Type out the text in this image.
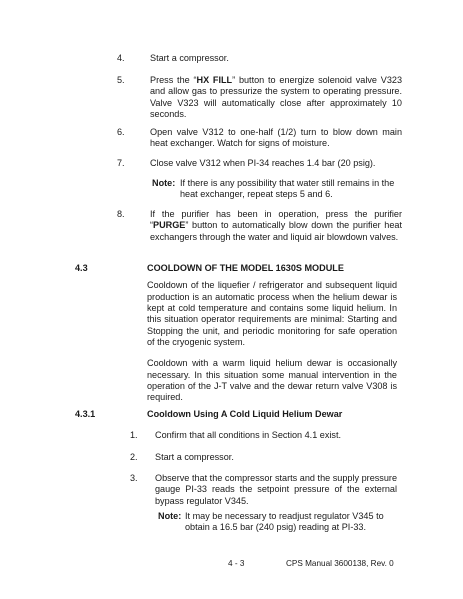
4.	Start a compressor.
5.	Press the “HX FILL” button to energize solenoid valve V323 and allow gas to pressurize the system to operating pressure. Valve V323 will automatically close after approximately 10 seconds.
6.	Open valve V312 to one-half (1/2) turn to blow down main heat exchanger. Watch for signs of moisture.
7.	Close valve V312 when PI-34 reaches 1.4 bar (20 psig).
Note: If there is any possibility that water still remains in the heat exchanger, repeat steps 5 and 6.
8.	If the purifier has been in operation, press the purifier “PURGE” button to automatically blow down the purifier heat exchangers through the water and liquid air blowdown valves.
4.3	COOLDOWN OF THE MODEL 1630S MODULE

Cooldown of the liquefier / refrigerator and subsequent liquid production is an automatic process when the helium dewar is kept at cold temperature and contains some liquid helium. In this situation operator requirements are minimal: Starting and Stopping the unit, and periodic monitoring for safe operation of the cryogenic system.

Cooldown with a warm liquid helium dewar is occasionally necessary. In this situation some manual intervention in the operation of the J-T valve and the dewar return valve V308 is required.

4.3.1	Cooldown Using A Cold Liquid Helium Dewar
1.	Confirm that all conditions in Section 4.1 exist.
2.	Start a compressor.
3.	Observe that the compressor starts and the supply pressure gauge PI-33 reads the setpoint pressure of the external bypass regulator V345.
Note: It may be necessary to readjust regulator V345 to obtain a 16.5 bar (240 psig) reading at PI-33.
4 - 3	CPS Manual 3600138, Rev. 0
